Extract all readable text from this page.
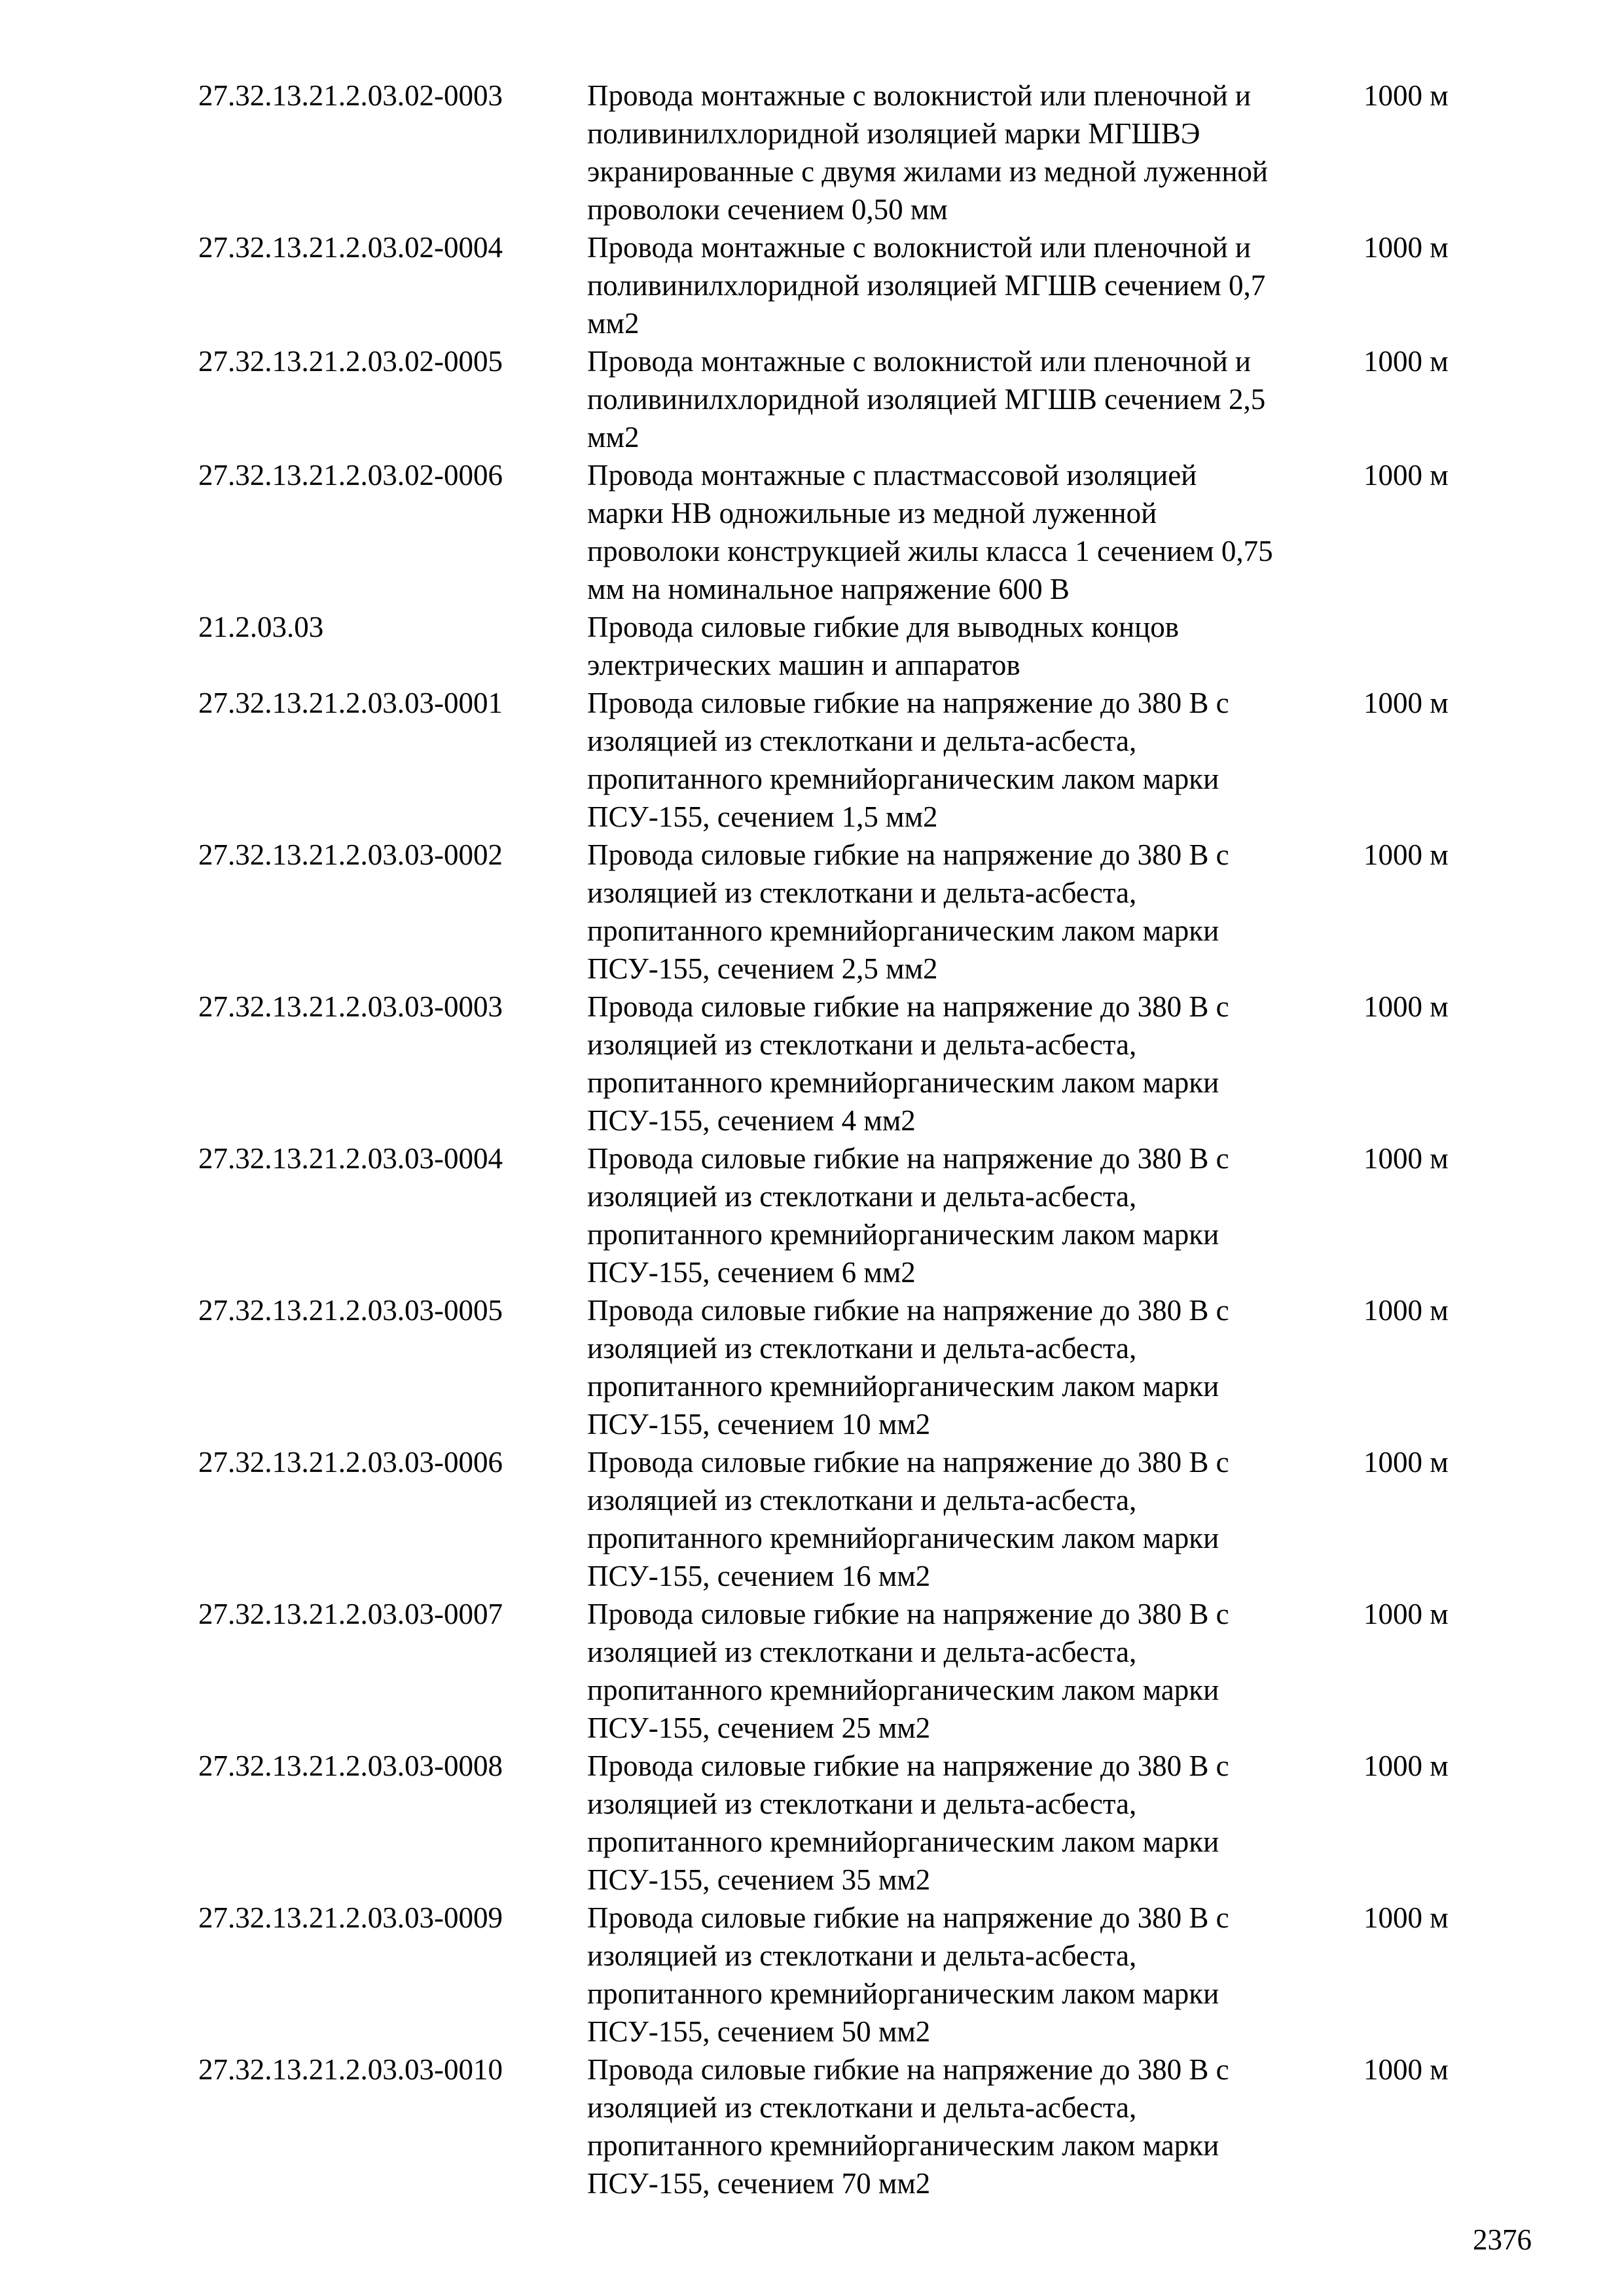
27.32.13.21.2.03.02-0003	Провода монтажные с волокнистой или пленочной и
поливинилхлоридной изоляцией марки МГШВЭ
экранированные с двумя жилами из медной луженной
проволоки сечением 0,50 мм
1000 м
27.32.13.21.2.03.02-0004	Провода монтажные с волокнистой или пленочной и
поливинилхлоридной изоляцией МГШВ сечением 0,7
мм2
1000 м
27.32.13.21.2.03.02-0005	Провода монтажные с волокнистой или пленочной и
поливинилхлоридной изоляцией МГШВ сечением 2,5
мм2
1000 м
27.32.13.21.2.03.02-0006	Провода монтажные с пластмассовой изоляцией
марки НВ одножильные из медной луженной
проволоки конструкцией жилы класса 1 сечением 0,75
мм на номинальное напряжение 600 В
1000 м
21.2.03.03	Провода силовые гибкие для выводных концов
электрических машин и аппаратов
27.32.13.21.2.03.03-0001	Провода силовые гибкие на напряжение до 380 В с
изоляцией из стеклоткани и дельта-асбеста,
пропитанного кремнийорганическим лаком марки
ПСУ-155, сечением 1,5 мм2
1000 м
27.32.13.21.2.03.03-0002	Провода силовые гибкие на напряжение до 380 В с
изоляцией из стеклоткани и дельта-асбеста,
пропитанного кремнийорганическим лаком марки
ПСУ-155, сечением 2,5 мм2
1000 м
27.32.13.21.2.03.03-0003	Провода силовые гибкие на напряжение до 380 В с
изоляцией из стеклоткани и дельта-асбеста,
пропитанного кремнийорганическим лаком марки
ПСУ-155, сечением 4 мм2
1000 м
27.32.13.21.2.03.03-0004	Провода силовые гибкие на напряжение до 380 В с
изоляцией из стеклоткани и дельта-асбеста,
пропитанного кремнийорганическим лаком марки
ПСУ-155, сечением 6 мм2
1000 м
27.32.13.21.2.03.03-0005	Провода силовые гибкие на напряжение до 380 В с
изоляцией из стеклоткани и дельта-асбеста,
пропитанного кремнийорганическим лаком марки
ПСУ-155, сечением 10 мм2
1000 м
27.32.13.21.2.03.03-0006	Провода силовые гибкие на напряжение до 380 В с
изоляцией из стеклоткани и дельта-асбеста,
пропитанного кремнийорганическим лаком марки
ПСУ-155, сечением 16 мм2
1000 м
27.32.13.21.2.03.03-0007	Провода силовые гибкие на напряжение до 380 В с
изоляцией из стеклоткани и дельта-асбеста,
пропитанного кремнийорганическим лаком марки
ПСУ-155, сечением 25 мм2
1000 м
27.32.13.21.2.03.03-0008	Провода силовые гибкие на напряжение до 380 В с
изоляцией из стеклоткани и дельта-асбеста,
пропитанного кремнийорганическим лаком марки
ПСУ-155, сечением 35 мм2
1000 м
27.32.13.21.2.03.03-0009	Провода силовые гибкие на напряжение до 380 В с
изоляцией из стеклоткани и дельта-асбеста,
пропитанного кремнийорганическим лаком марки
ПСУ-155, сечением 50 мм2
1000 м
27.32.13.21.2.03.03-0010	Провода силовые гибкие на напряжение до 380 В с
изоляцией из стеклоткани и дельта-асбеста,
пропитанного кремнийорганическим лаком марки
ПСУ-155, сечением 70 мм2
1000 м
2376
